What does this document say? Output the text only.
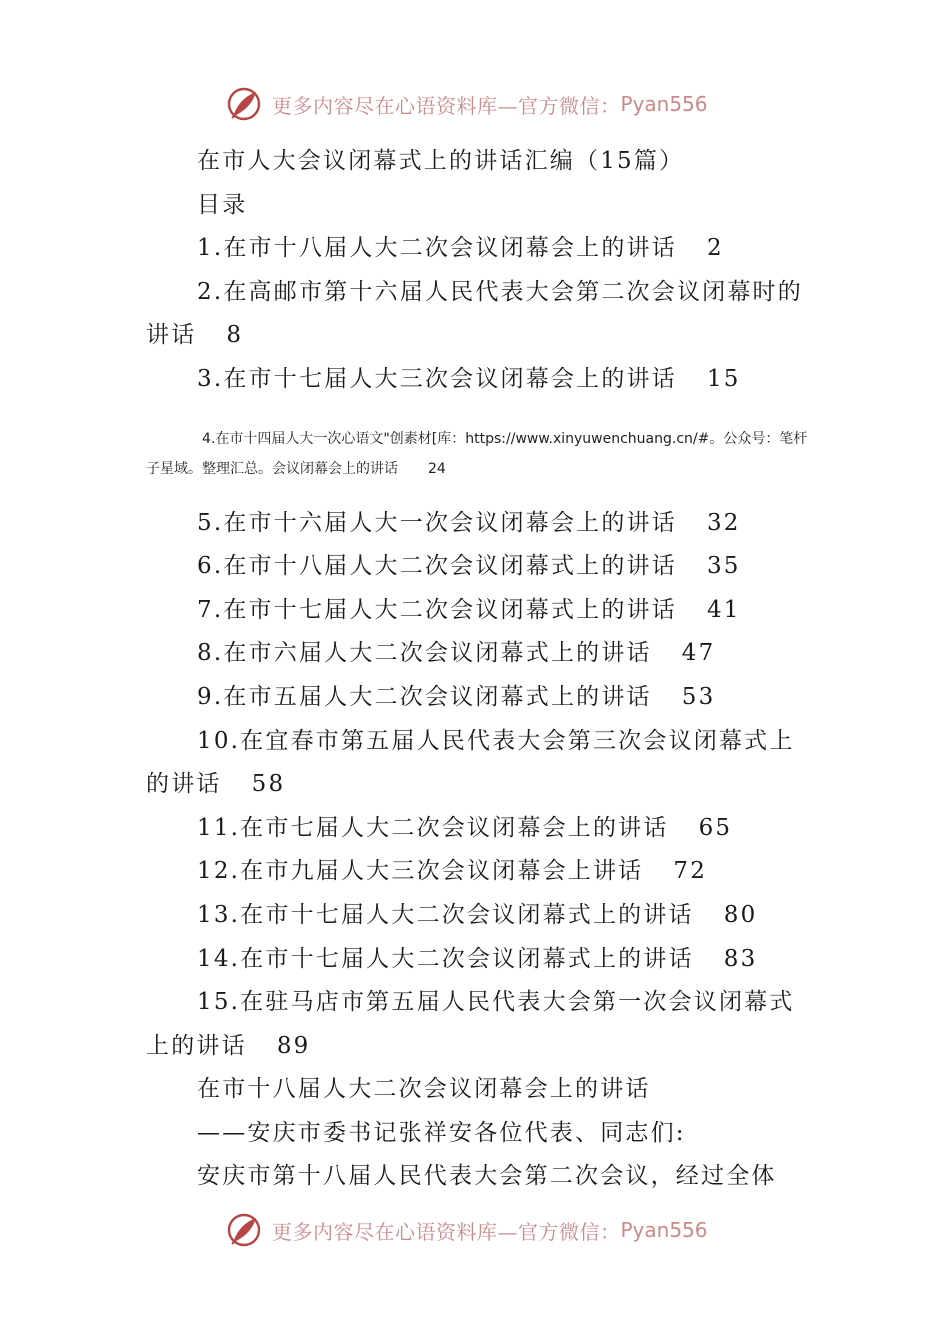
更多内容尽在心语资料库—官方微信： Pyan556

在市人大会议闭幕式上的讲话汇编（15篇）

目录

1.在市十八届人大二次会议闭幕会上的讲话 2

2.在高邮市第十六届人民代表大会第二次会议闭幕时的讲话 8

3.在市十七届人大三次会议闭幕会上的讲话 15

4.在市十四届人大一次心语文"创素材[库：https://www.xinyuwenchuang.cn/#。公众号：笔杆子星域。整理汇总。会议闭幕会上的讲话 24

5.在市十六届人大一次会议闭幕会上的讲话 32

6.在市十八届人大二次会议闭幕式上的讲话 35

7.在市十七届人大二次会议闭幕式上的讲话 41

8.在市六届人大二次会议闭幕式上的讲话 47

9.在市五届人大二次会议闭幕式上的讲话 53

10.在宜春市第五届人民代表大会第三次会议闭幕式上的讲话 58

11.在市七届人大二次会议闭幕会上的讲话 65

12.在市九届人大三次会议闭幕会上讲话 72

13.在市十七届人大二次会议闭幕式上的讲话 80

14.在市十七届人大二次会议闭幕式上的讲话 83

15.在驻马店市第五届人民代表大会第一次会议闭幕式上的讲话 89

在市十八届人大二次会议闭幕会上的讲话

——安庆市委书记张祥安各位代表、同志们:

安庆市第十八届人民代表大会第二次会议，经过全体

更多内容尽在心语资料库—官方微信： Pyan556
